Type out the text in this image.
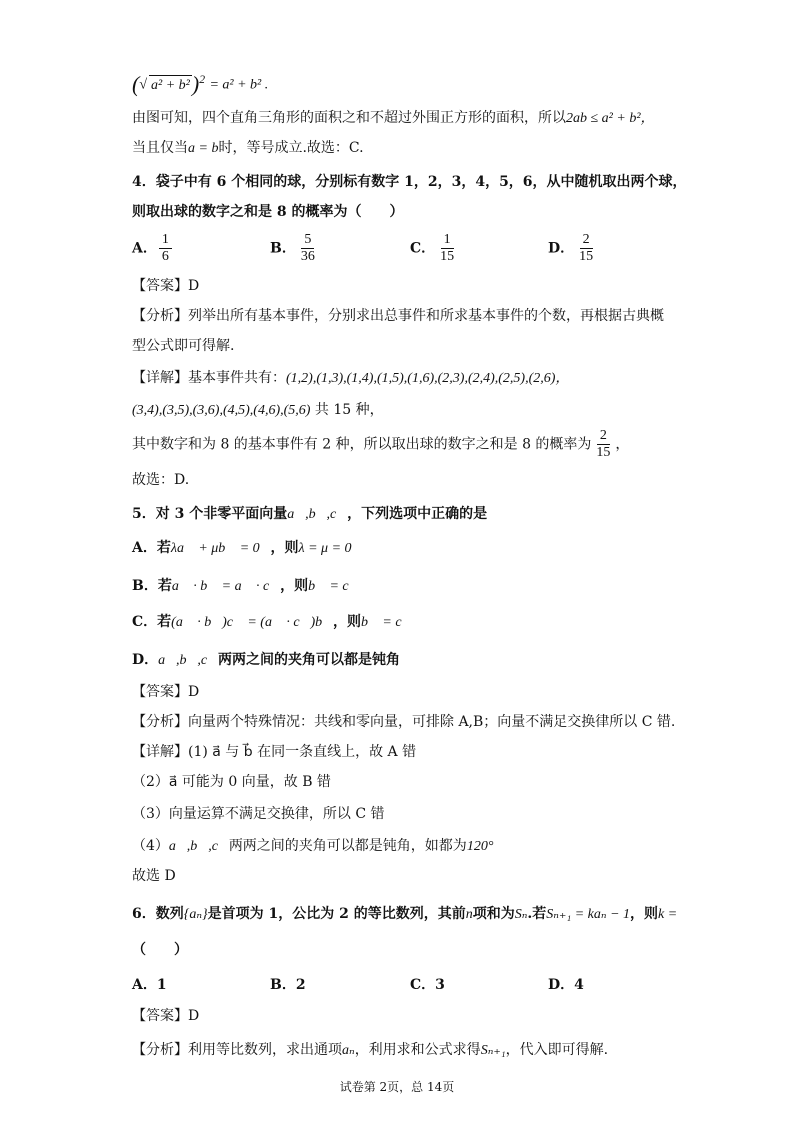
(√ a² + b²)$^2$ = a² + b² .
由图可知，四个直角三角形的面积之和不超过外围正方形的面积，所以2ab ≤ a² + b²，
当且仅当a = b时，等号成立.故选：C.
4．袋子中有 6 个相同的球，分别标有数字 1，2，3，4，5，6，从中随机取出两个球，
则取出球的数字之和是 8 的概率为（　　）
A． $\frac{1}{6}$	B． $\frac{5}{36}$	C． $\frac{1}{15}$	D． $\frac{2}{15}$
【答案】D
【分析】列举出所有基本事件，分别求出总事件和所求基本事件的个数，再根据古典概
型公式即可得解.
【详解】基本事件共有：(1,2),(1,3),(1,4),(1,5),(1,6),(2,3),(2,4),(2,5),(2,6)，
(3,4),(3,5),(3,6),(4,5),(4,6),(5,6) 共 15 种，
其中数字和为 8 的基本事件有 2 种，所以取出球的数字之和是 8 的概率为 $\frac{2}{15}$ ，
故选：D.
5．对 3 个非零平面向量a⃗,b⃗,c⃗，下列选项中正确的是
A．若λa⃗ + μb⃗ = 0⃗，则λ = μ = 0
B．若a⃗ · b⃗ = a⃗ · c⃗，则b⃗ = c⃗
C．若(a⃗ · b⃗)c⃗ = (a⃗ · c⃗)b⃗，则b⃗ = c⃗
D．a⃗,b⃗,c⃗两两之间的夹角可以都是钝角
【答案】D
【分析】向量两个特殊情况：共线和零向量，可排除 A,B；向量不满足交换律所以 C 错.
【详解】(1) a⃗ 与 b⃗ 在同一条直线上，故 A 错
（2）a⃗ 可能为 0 向量，故 B 错
（3）向量运算不满足交换律，所以 C 错
（4）a⃗,b⃗,c⃗两两之间的夹角可以都是钝角，如都为120°
故选 D
6．数列{aₙ}是首项为 1，公比为 2 的等比数列，其前n项和为Sₙ.若Sₙ₊₁ = kaₙ − 1，则k =
（　　）
A．1	B．2	C．3	D．4
【答案】D
【分析】利用等比数列，求出通项aₙ，利用求和公式求得Sₙ₊₁，代入即可得解.
试卷第 2页，总 14页
